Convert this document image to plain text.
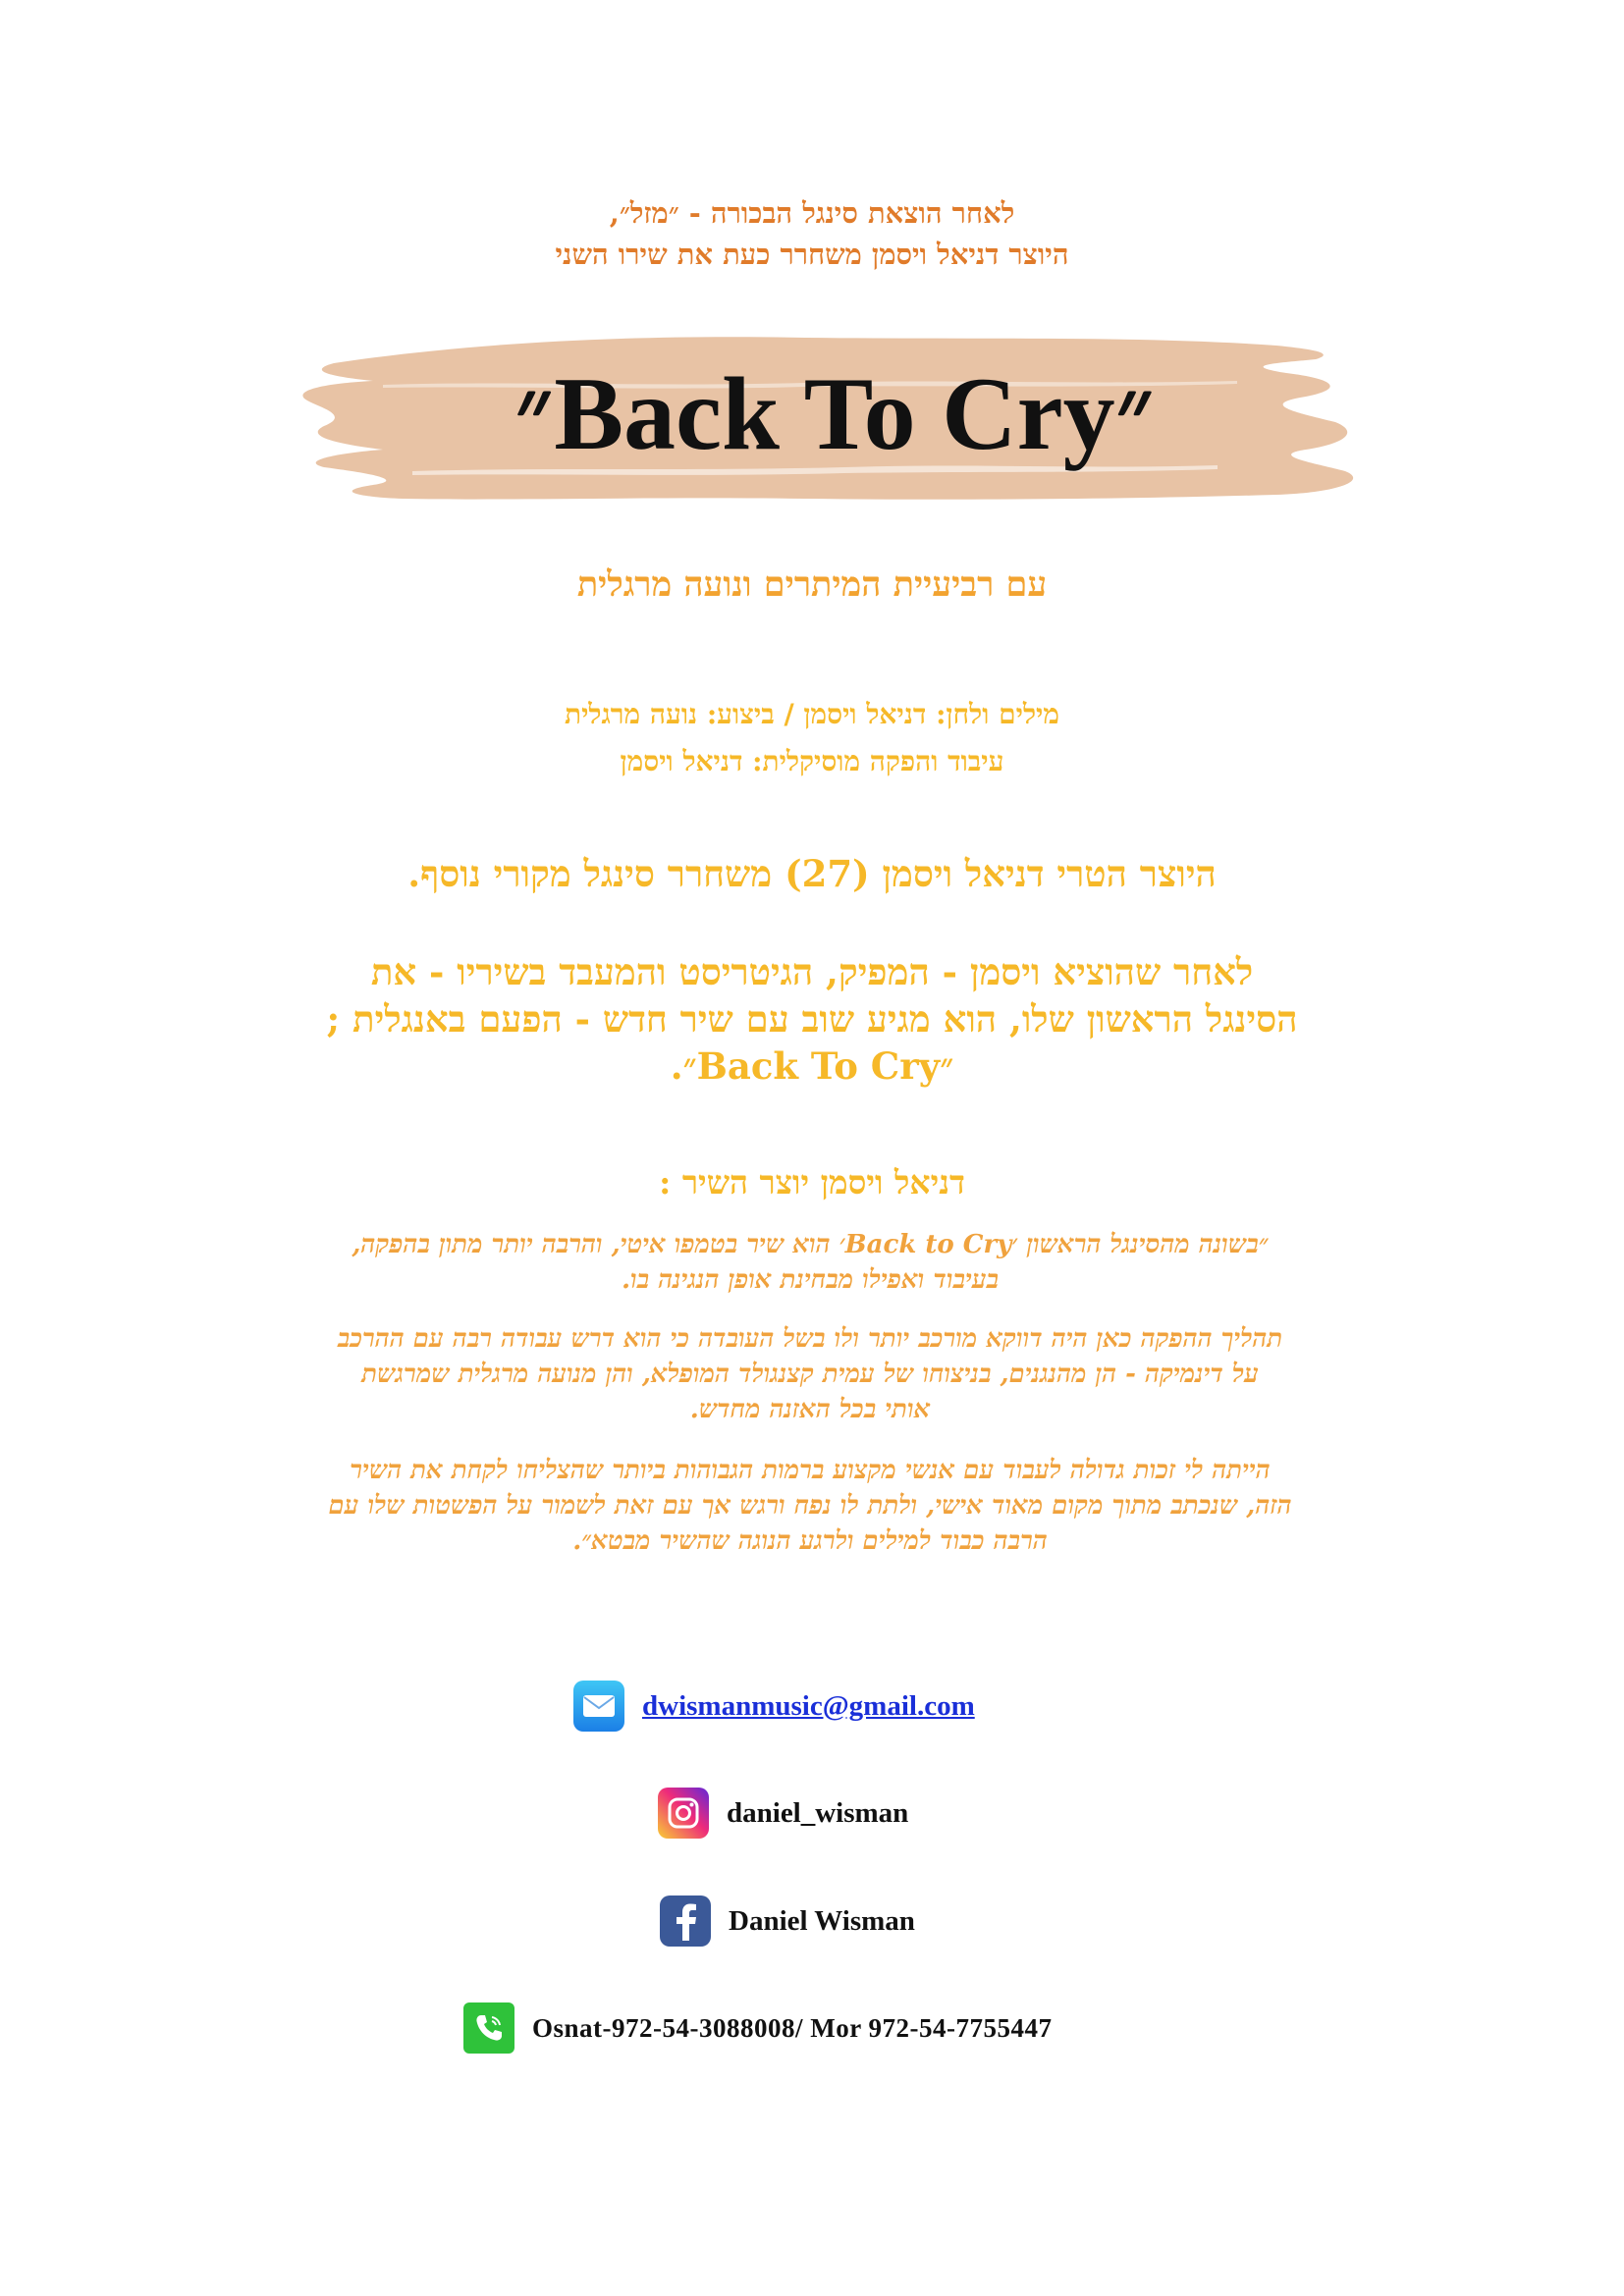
לאחר הוצאת סינגל הבכורה - ״מזל״,
היוצר דניאל ויסמן משחרר כעת את שירו השני
״Back To Cry״
עם רביעיית המיתרים ונועה מרגלית
מילים ולחן: דניאל ויסמן / ביצוע: נועה מרגלית
עיבוד והפקה מוסיקלית: דניאל ויסמן
היוצר הטרי דניאל ויסמן (27) משחרר סינגל מקורי נוסף.
לאחר שהוציא ויסמן - המפיק, הגיטריסט והמעבד בשיריו - את
הסינגל הראשון שלו, הוא מגיע שוב עם שיר חדש - הפעם באנגלית ;
״Back To Cry״.
דניאל ויסמן יוצר השיר :
״בשונה מהסינגל הראשון ׳Back to Cry׳ הוא שיר בטמפו איטי, והרבה יותר מתון בהפקה,
בעיבוד ואפילו מבחינת אופן הנגינה בו.
תהליך ההפקה כאן היה דווקא מורכב יותר ולו בשל העובדה כי הוא דרש עבודה רבה עם ההרכב
על דינמיקה - הן מהנגנים, בניצוחו של עמית קצנגולד המופלא, והן מנועה מרגלית שמרגשת
אותי בכל האזנה מחדש.
הייתה לי זכות גדולה לעבוד עם אנשי מקצוע ברמות הגבוהות ביותר שהצליחו לקחת את השיר
הזה, שנכתב מתוך מקום מאוד אישי, ולתת לו נפח ורגש אך עם זאת לשמור על הפשטות שלו עם
הרבה כבוד למילים ולרגע הנוגה שהשיר מבטא״.
dwismanmusic@gmail.com
daniel_wisman
Daniel Wisman
Osnat-972-54-3088008/ Mor 972-54-7755447
